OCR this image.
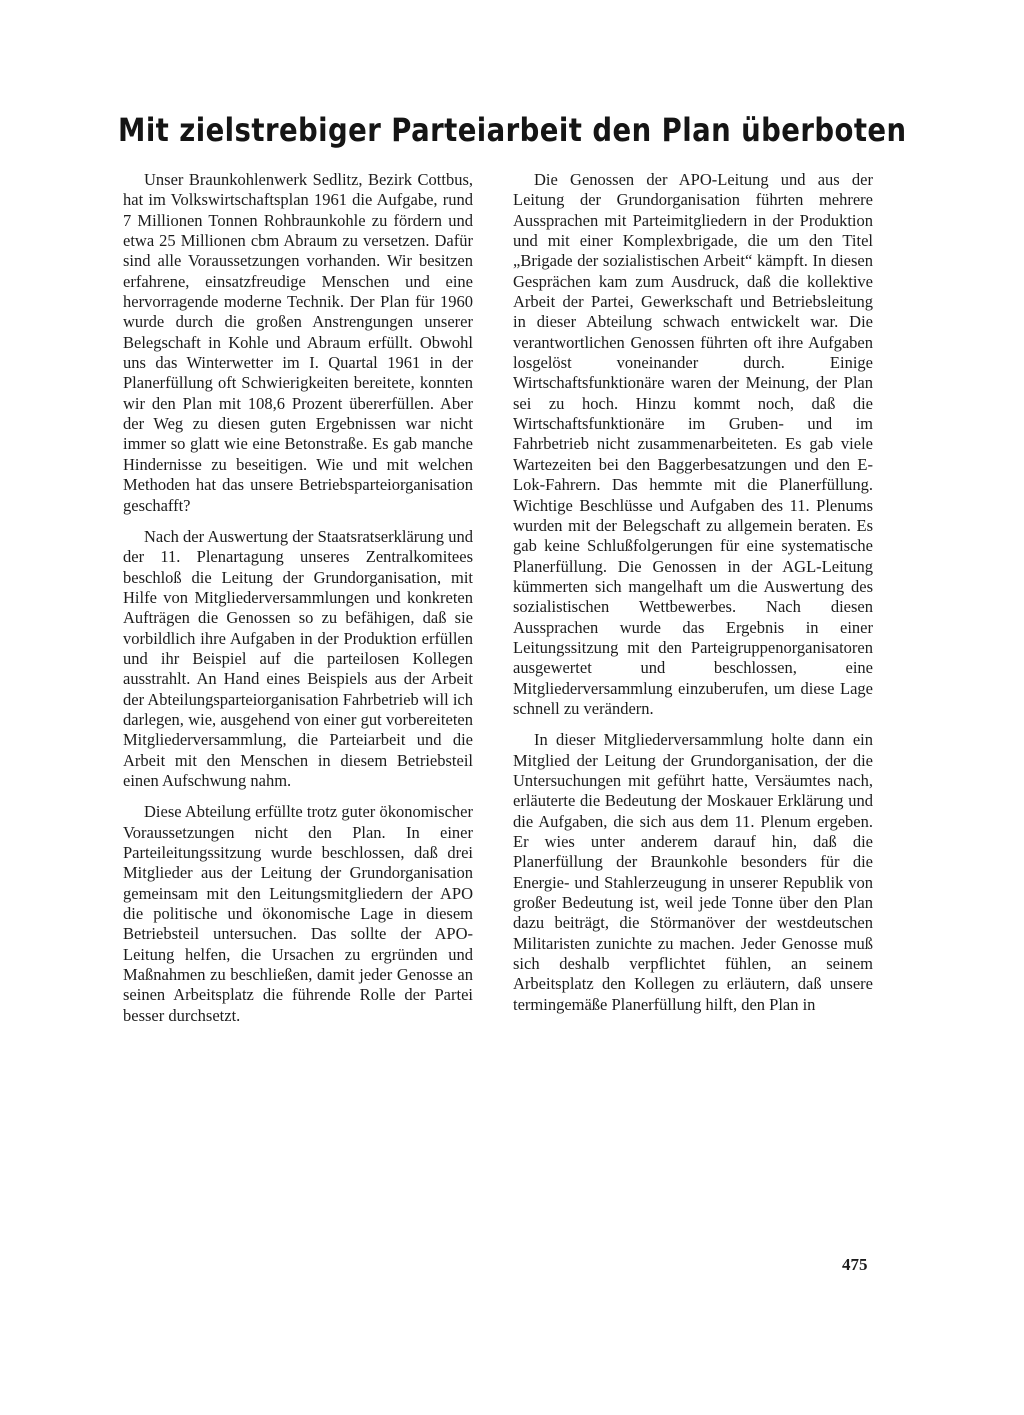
Mit zielstrebiger Parteiarbeit den Plan überboten

Unser Braunkohlenwerk Sedlitz, Bezirk Cottbus, hat im Volkswirtschaftsplan 1961 die Aufgabe, rund 7 Millionen Tonnen Rohbraunkohle zu fördern und etwa 25 Millionen cbm Abraum zu versetzen. Dafür sind alle Voraussetzungen vorhanden. Wir besitzen erfahrene, einsatzfreudige Menschen und eine hervorragende moderne Technik. Der Plan für 1960 wurde durch die großen Anstrengungen unserer Belegschaft in Kohle und Abraum erfüllt. Obwohl uns das Winterwetter im I. Quartal 1961 in der Planerfüllung oft Schwierigkeiten bereitete, konnten wir den Plan mit 108,6 Prozent übererfüllen. Aber der Weg zu diesen guten Ergebnissen war nicht immer so glatt wie eine Betonstraße. Es gab manche Hindernisse zu beseitigen. Wie und mit welchen Methoden hat das unsere Betriebsparteiorganisation geschafft?

Nach der Auswertung der Staatsratserklärung und der 11. Plenartagung unseres Zentralkomitees beschloß die Leitung der Grundorganisation, mit Hilfe von Mitgliederversammlungen und konkreten Aufträgen die Genossen so zu befähigen, daß sie vorbildlich ihre Aufgaben in der Produktion erfüllen und ihr Beispiel auf die parteilosen Kollegen ausstrahlt. An Hand eines Beispiels aus der Arbeit der Abteilungsparteiorganisation Fahrbetrieb will ich darlegen, wie, ausgehend von einer gut vorbereiteten Mitgliederversammlung, die Parteiarbeit und die Arbeit mit den Menschen in diesem Betriebsteil einen Aufschwung nahm.

Diese Abteilung erfüllte trotz guter ökonomischer Voraussetzungen nicht den Plan. In einer Parteileitungssitzung wurde beschlossen, daß drei Mitglieder aus der Leitung der Grundorganisation gemeinsam mit den Leitungsmitgliedern der APO die politische und ökonomische Lage in diesem Betriebsteil untersuchen. Das sollte der APO-Leitung helfen, die Ursachen zu ergründen und Maßnahmen zu beschließen, damit jeder Genosse an seinen Arbeitsplatz die führende Rolle der Partei besser durchsetzt.

Die Genossen der APO-Leitung und aus der Leitung der Grundorganisation führten mehrere Aussprachen mit Parteimitgliedern in der Produktion und mit einer Komplexbrigade, die um den Titel „Brigade der sozialistischen Arbeit“ kämpft. In diesen Gesprächen kam zum Ausdruck, daß die kollektive Arbeit der Partei, Gewerkschaft und Betriebsleitung in dieser Abteilung schwach entwickelt war. Die verantwortlichen Genossen führten oft ihre Aufgaben losgelöst voneinander durch. Einige Wirtschaftsfunktionäre waren der Meinung, der Plan sei zu hoch. Hinzu kommt noch, daß die Wirtschaftsfunktionäre im Gruben- und im Fahrbetrieb nicht zusammenarbeiteten. Es gab viele Wartezeiten bei den Baggerbesatzungen und den E-Lok-Fahrern. Das hemmte mit die Planerfüllung. Wichtige Beschlüsse und Aufgaben des 11. Plenums wurden mit der Belegschaft zu allgemein beraten. Es gab keine Schlußfolgerungen für eine systematische Planerfüllung. Die Genossen in der AGL-Leitung kümmerten sich mangelhaft um die Auswertung des sozialistischen Wettbewerbes. Nach diesen Aussprachen wurde das Ergebnis in einer Leitungssitzung mit den Parteigruppenorganisatoren ausgewertet und beschlossen, eine Mitgliederversammlung einzuberufen, um diese Lage schnell zu verändern.

In dieser Mitgliederversammlung holte dann ein Mitglied der Leitung der Grundorganisation, der die Untersuchungen mit geführt hatte, Versäumtes nach, erläuterte die Bedeutung der Moskauer Erklärung und die Aufgaben, die sich aus dem 11. Plenum ergeben. Er wies unter anderem darauf hin, daß die Planerfüllung der Braunkohle besonders für die Energie- und Stahlerzeugung in unserer Republik von großer Bedeutung ist, weil jede Tonne über den Plan dazu beiträgt, die Störmanöver der westdeutschen Militaristen zunichte zu machen. Jeder Genosse muß sich deshalb verpflichtet fühlen, an seinem Arbeitsplatz den Kollegen zu erläutern, daß unsere termingemäße Planerfüllung hilft, den Plan in

475
